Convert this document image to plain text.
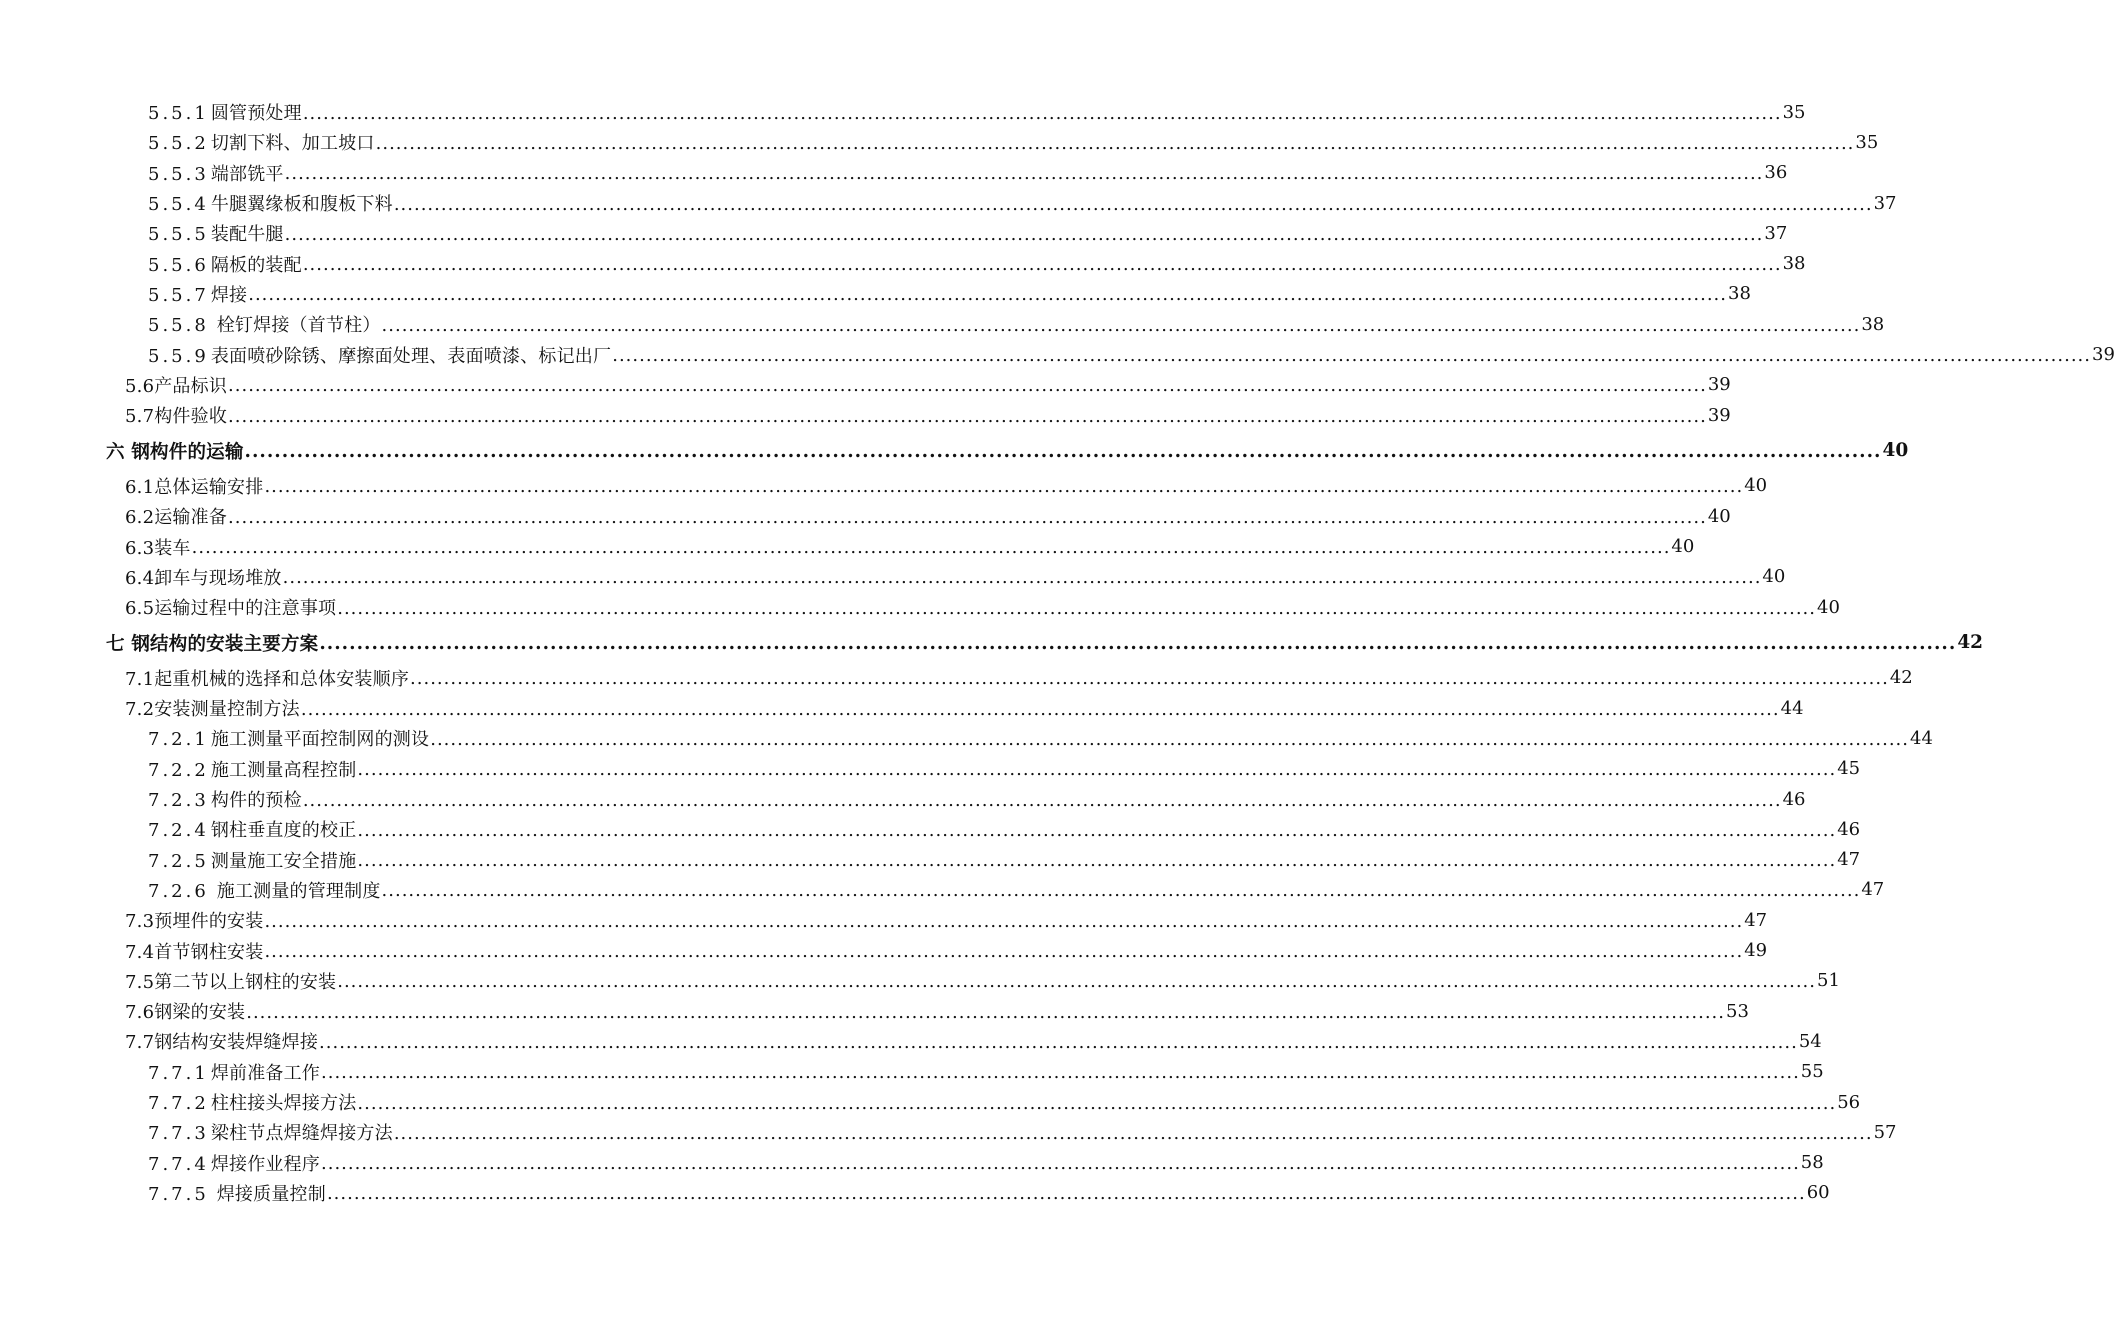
5.5.1 圆管预处理 ............................................................................................................................................................................................................................ 35
5.5.2 切割下料、加工坡口 ............................................................................................................................................................................................................................ 35
5.5.3 端部铣平 ............................................................................................................................................................................................................................ 36
5.5.4 牛腿翼缘板和腹板下料 ............................................................................................................................................................................................................................ 37
5.5.5 装配牛腿 ............................................................................................................................................................................................................................ 37
5.5.6 隔板的装配 ............................................................................................................................................................................................................................ 38
5.5.7 焊接 ............................................................................................................................................................................................................................ 38
5.5.8 栓钉焊接（首节柱） ............................................................................................................................................................................................................................ 38
5.5.9 表面喷砂除锈、摩擦面处理、表面喷漆、标记出厂 ............................................................................................................................................................................................................................ 39
5.6产品标识 ............................................................................................................................................................................................................................ 39
5.7构件验收 ............................................................................................................................................................................................................................ 39
六 钢构件的运输 ............................................................................................................................................................................................................................ 40
6.1总体运输安排 ............................................................................................................................................................................................................................ 40
6.2运输准备 ............................................................................................................................................................................................................................ 40
6.3装车 ............................................................................................................................................................................................................................ 40
6.4卸车与现场堆放 ............................................................................................................................................................................................................................ 40
6.5运输过程中的注意事项 ............................................................................................................................................................................................................................ 40
七 钢结构的安装主要方案 ............................................................................................................................................................................................................................ 42
7.1起重机械的选择和总体安装顺序 ............................................................................................................................................................................................................................ 42
7.2安装测量控制方法 ............................................................................................................................................................................................................................ 44
7.2.1 施工测量平面控制网的测设 ............................................................................................................................................................................................................................ 44
7.2.2 施工测量高程控制 ............................................................................................................................................................................................................................ 45
7.2.3 构件的预检 ............................................................................................................................................................................................................................ 46
7.2.4 钢柱垂直度的校正 ............................................................................................................................................................................................................................ 46
7.2.5 测量施工安全措施 ............................................................................................................................................................................................................................ 47
7.2.6 施工测量的管理制度 ............................................................................................................................................................................................................................ 47
7.3预埋件的安装 ............................................................................................................................................................................................................................ 47
7.4首节钢柱安装 ............................................................................................................................................................................................................................ 49
7.5第二节以上钢柱的安装 ............................................................................................................................................................................................................................ 51
7.6钢梁的安装 ............................................................................................................................................................................................................................ 53
7.7钢结构安装焊缝焊接 ............................................................................................................................................................................................................................ 54
7.7.1 焊前准备工作 ............................................................................................................................................................................................................................ 55
7.7.2 柱柱接头焊接方法 ............................................................................................................................................................................................................................ 56
7.7.3 梁柱节点焊缝焊接方法 ............................................................................................................................................................................................................................ 57
7.7.4 焊接作业程序 ............................................................................................................................................................................................................................ 58
7.7.5 焊接质量控制 ............................................................................................................................................................................................................................ 60
